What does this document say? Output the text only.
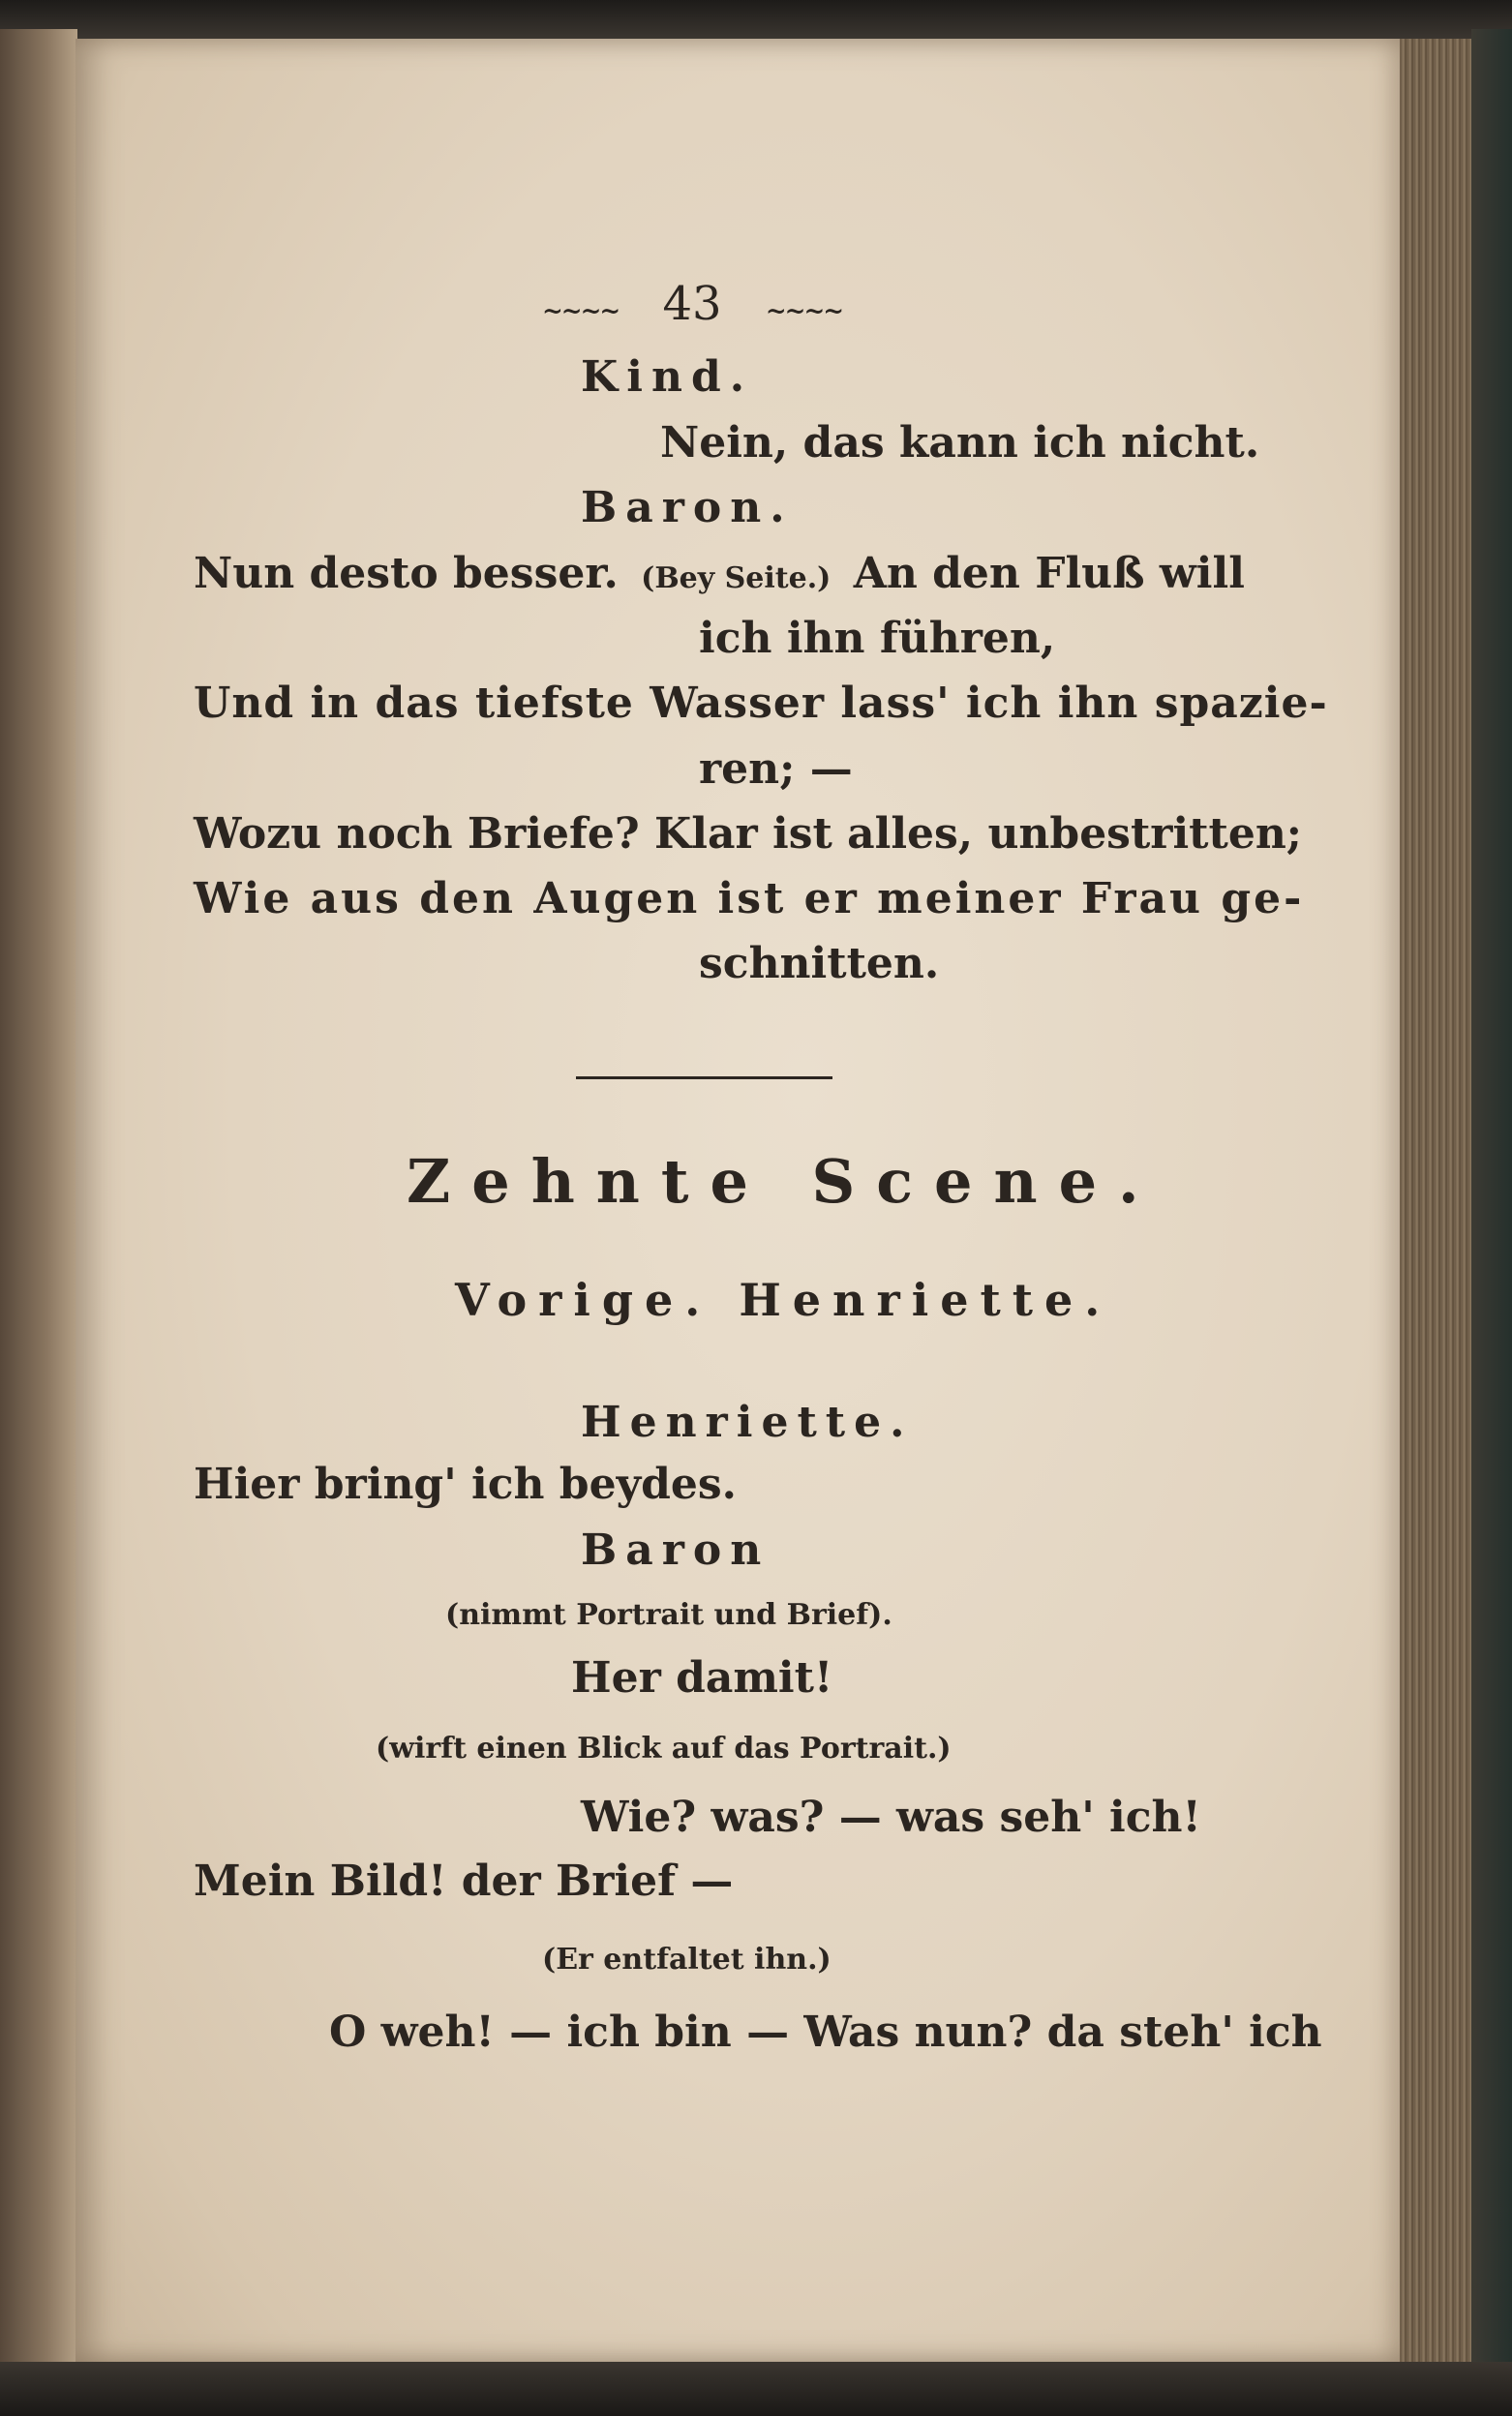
~~~~ 43 ~~~~
Kind.
Nein, das kann ich nicht.
Baron.
Nun desto besser. (Bey Seite.) An den Fluß will
ich ihn führen,
Und in das tiefste Wasser lass' ich ihn spazie-
ren; —
Wozu noch Briefe? Klar ist alles, unbestritten;
Wie aus den Augen ist er meiner Frau ge-
schnitten.
Zehnte Scene.
Vorige. Henriette.
Henriette.
Hier bring' ich beydes.
Baron
(nimmt Portrait und Brief).
Her damit!
(wirft einen Blick auf das Portrait.)
Wie? was? — was seh' ich!
Mein Bild! der Brief —
(Er entfaltet ihn.)
O weh! — ich bin — Was nun? da steh' ich
